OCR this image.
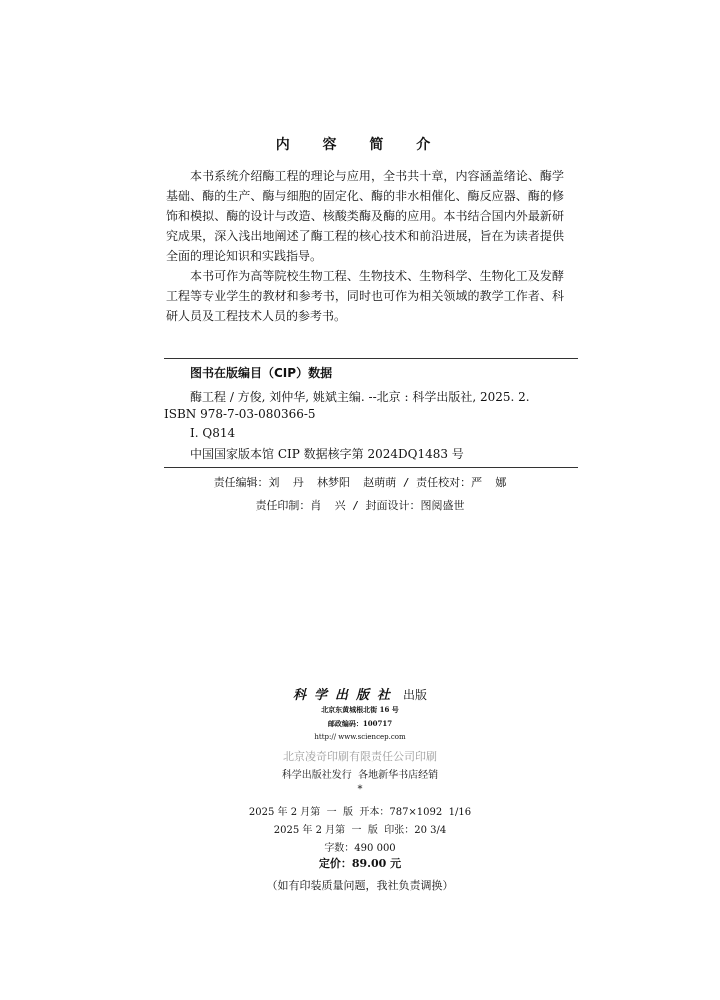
内 容 简 介

本书系统介绍酶工程的理论与应用，全书共十章，内容涵盖绪论、酶学基础、酶的生产、酶与细胞的固定化、酶的非水相催化、酶反应器、酶的修饰和模拟、酶的设计与改造、核酸类酶及酶的应用。本书结合国内外最新研究成果，深入浅出地阐述了酶工程的核心技术和前沿进展，旨在为读者提供全面的理论知识和实践指导。

本书可作为高等院校生物工程、生物技术、生物科学、生物化工及发酵工程等专业学生的教材和参考书，同时也可作为相关领域的教学工作者、科研人员及工程技术人员的参考书。

图书在版编目（CIP）数据
酶工程 / 方俊, 刘仲华, 姚斌主编. --北京 : 科学出版社, 2025. 2.
ISBN 978-7-03-080366-5
I. Q814
中国国家版本馆 CIP 数据核字第 2024DQ1483 号
责任编辑：刘  丹  林梦阳  赵萌萌 / 责任校对：严  娜
责任印制：肖  兴 / 封面设计：图阅盛世
科学出版社 出版
北京东黄城根北街 16 号
邮政编码：100717
http:// www.sciencep.com
北京凌奇印刷有限责任公司印刷
科学出版社发行  各地新华书店经销
*
2025 年 2 月第  一  版  开本：787×1092  1/16
2025 年 2 月第  一  版  印张：20 3/4
字数：490 000
定价：89.00 元
（如有印装质量问题，我社负责调换）
